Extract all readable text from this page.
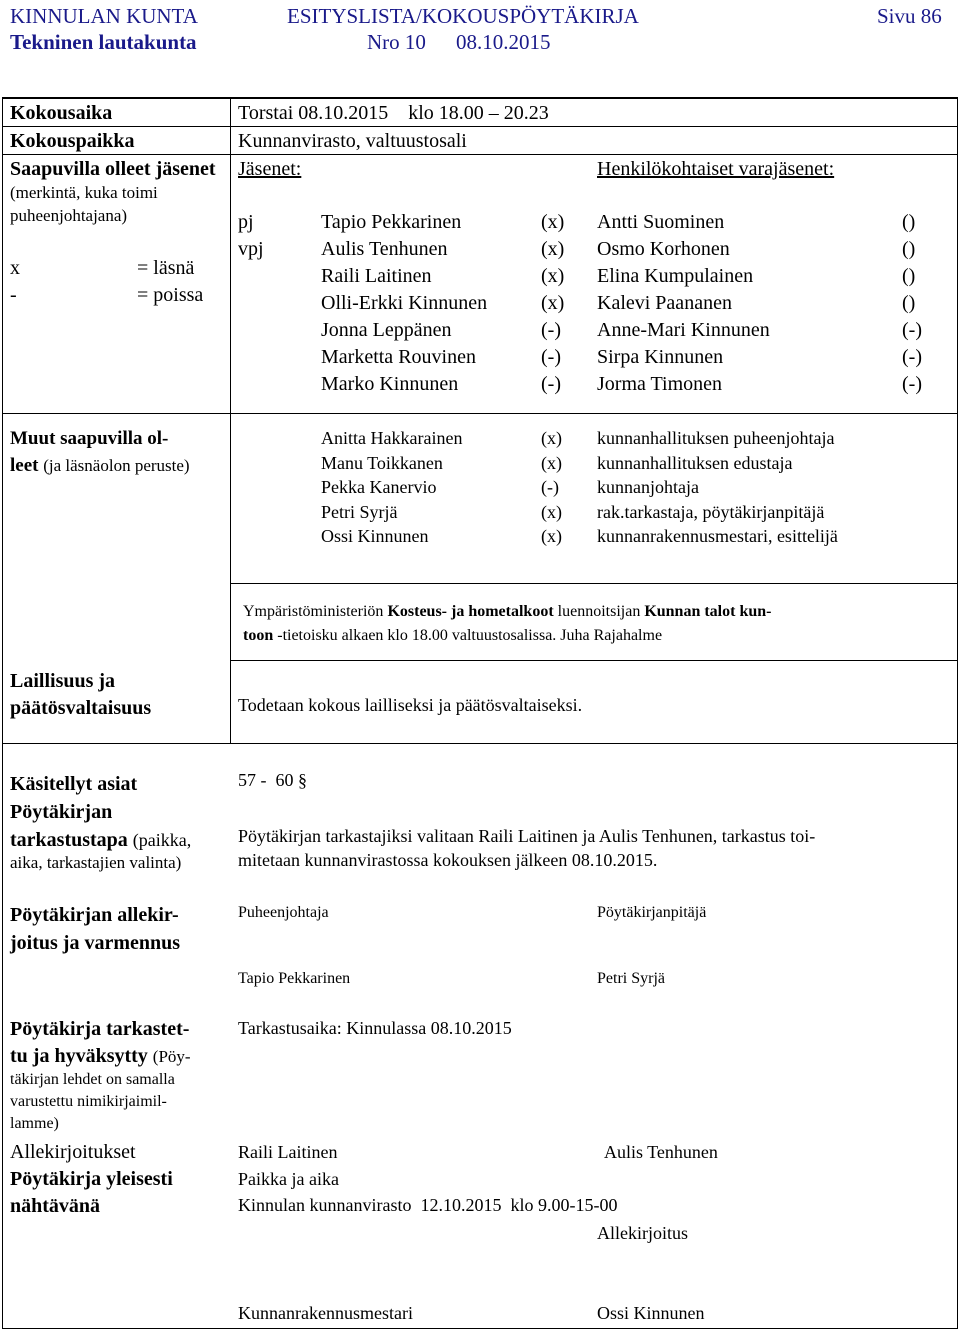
KINNULAN KUNTA	ESITYSLISTA/KOKOUSPÖYTÄKIRJA	Sivu 86
Tekninen lautakunta	Nro 10 08.10.2015
Kokousaika	Torstai 08.10.2015    klo 18.00 – 20.23
Kokouspaikka	Kunnanvirasto, valtuustosali
Saapuvilla olleet jäsenet (merkintä, kuka toimi puheenjohtajana)
x	= läsnä
-	= poissa
Jäsenet:	Henkilökohtaiset varajäsenet:
pj	Tapio Pekkarinen	(x) Antti Suominen	()
vpj	Aulis Tenhunen	(x) Osmo Korhonen	()
Raili Laitinen	(x) Elina Kumpulainen	()
Olli-Erkki Kinnunen	(x) Kalevi Paananen	()
Jonna Leppänen	(-) Anne-Mari Kinnunen	(-)
Marketta Rouvinen	(-) Sirpa Kinnunen	(-)
Marko Kinnunen	(-) Jorma Timonen	(-)
Muut saapuvilla ol-
leet (ja läsnäolon peruste)
Anitta Hakkarainen	(x) kunnanhallituksen puheenjohtaja
Manu Toikkanen	(x) kunnanhallituksen edustaja
Pekka Kanervio	(-) kunnanjohtaja
Petri Syrjä	(x) rak.tarkastaja, pöytäkirjanpitäjä
Ossi Kinnunen	(x) kunnanrakennusmestari, esittelijä
Ympäristöministeriön Kosteus- ja hometalkoot luennoitsijan Kunnan talot kun-
toon -tietoisku alkaen klo 18.00 valtuustosalissa. Juha Rajahalme
Laillisuus ja
päätösvaltaisuus	Todetaan kokous lailliseksi ja päätösvaltaiseksi.
Käsitellyt asiat	57 -  60 §
Pöytäkirjan
tarkastustapa (paikka,
aika, tarkastajien valinta)
Pöytäkirjan tarkastajiksi valitaan Raili Laitinen ja Aulis Tenhunen, tarkastus toi-
mitetaan kunnanvirastossa kokouksen jälkeen 08.10.2015.
Pöytäkirjan allekir-
joitus ja varmennus
Puheenjohtaja	Pöytäkirjanpitäjä
Tapio Pekkarinen	Petri Syrjä
Pöytäkirja tarkastet-
tu ja hyväksytty (Pöy-
täkirjan lehdet on samalla
varustettu nimikirjaimil-
lamme)
Tarkastusaika: Kinnulassa 08.10.2015
Allekirjoitukset	Raili Laitinen	Aulis Tenhunen
Pöytäkirja yleisesti
nähtävänä
Paikka ja aika
Kinnulan kunnanvirasto  12.10.2015  klo 9.00-15-00
Allekirjoitus
Kunnanrakennusmestari	Ossi Kinnunen
